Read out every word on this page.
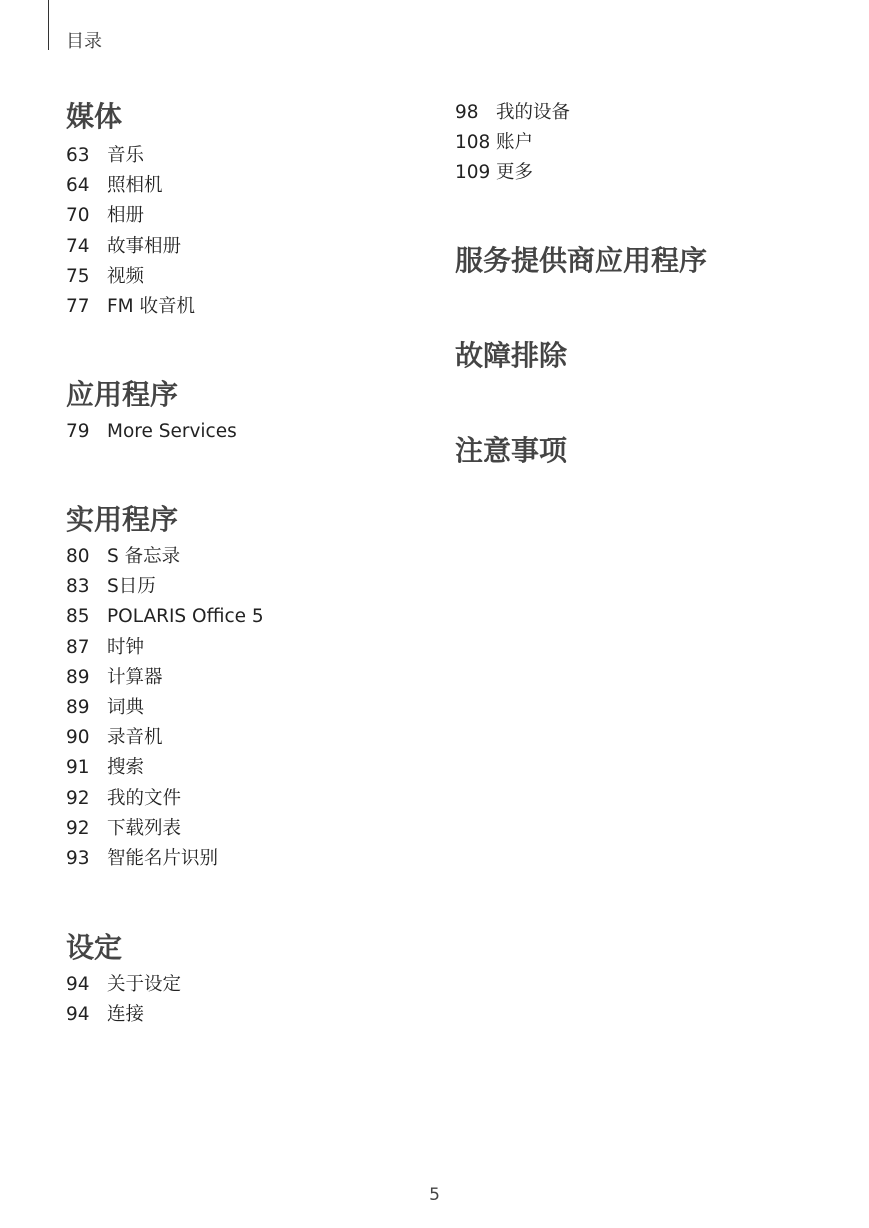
目录
媒体
63 音乐
64 照相机
70 相册
74 故事相册
75 视频
77 FM 收音机
应用程序
79 More Services
实用程序
80 S 备忘录
83 S日历
85 POLARIS Office 5
87 时钟
89 计算器
89 词典
90 录音机
91 搜索
92 我的文件
92 下载列表
93 智能名片识别
设定
94 关于设定
94 连接
98 我的设备
108 账户
109 更多
服务提供商应用程序
故障排除
注意事项
5
